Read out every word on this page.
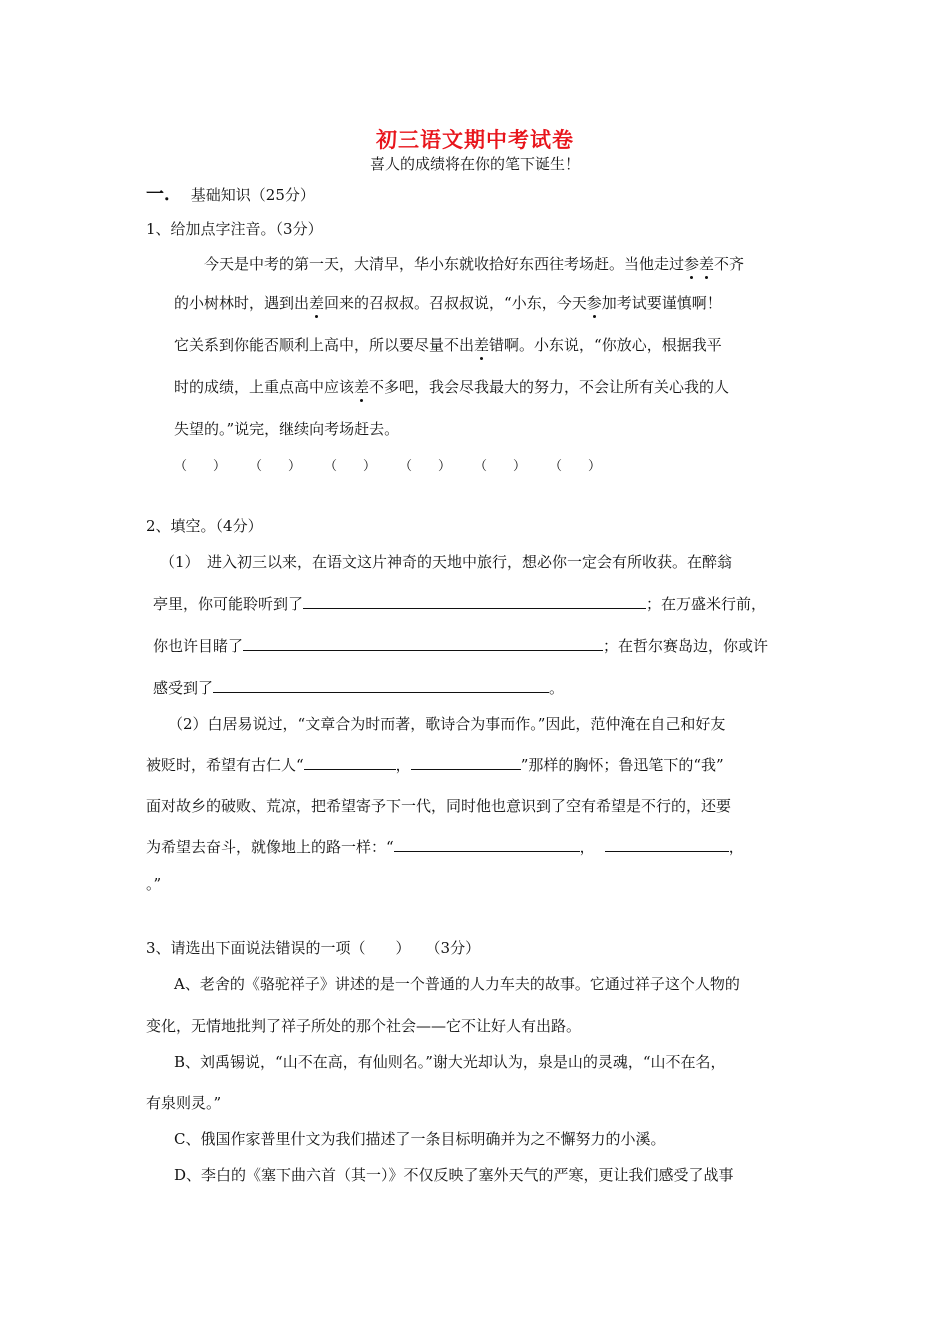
初三语文期中考试卷
喜人的成绩将在你的笔下诞生！
一． 基础知识（25分）
1、给加点字注音。（3分）
今天是中考的第一天，大清早，华小东就收拾好东西往考场赶。当他走过参差不齐
的小树林时，遇到出差回来的召叔叔。召叔叔说，“小东，今天参加考试要谨慎啊！
它关系到你能否顺利上高中，所以要尽量不出差错啊。小东说，“你放心，根据我平
时的成绩，上重点高中应该差不多吧，我会尽我最大的努力，不会让所有关心我的人
失望的。”说完，继续向考场赶去。
（　　） （　　） （　　） （　　） （　　） （　　）
2、填空。（4分）
（1）　进入初三以来，在语文这片神奇的天地中旅行，想必你一定会有所收获。在醉翁
亭里，你可能聆听到了	；在万盛米行前，
你也许目睹了	；在哲尔赛岛边，你或许
感受到了	。
（2）白居易说过，“文章合为时而著，歌诗合为事而作。”因此，范仲淹在自己和好友
被贬时，希望有古仁人“	，	”那样的胸怀；鲁迅笔下的“我”
面对故乡的破败、荒凉，把希望寄予下一代，同时他也意识到了空有希望是不行的，还要
为希望去奋斗，就像地上的路一样：“	，	，
。”
3、请选出下面说法错误的一项（　　）　　（3分）
A、老舍的《骆驼祥子》讲述的是一个普通的人力车夫的故事。它通过祥子这个人物的
变化，无情地批判了祥子所处的那个社会——它不让好人有出路。
B、刘禹锡说，“山不在高，有仙则名。”谢大光却认为，泉是山的灵魂，“山不在名，
有泉则灵。”
C、俄国作家普里什文为我们描述了一条目标明确并为之不懈努力的小溪。
D、李白的《塞下曲六首（其一）》不仅反映了塞外天气的严寒，更让我们感受了战事
